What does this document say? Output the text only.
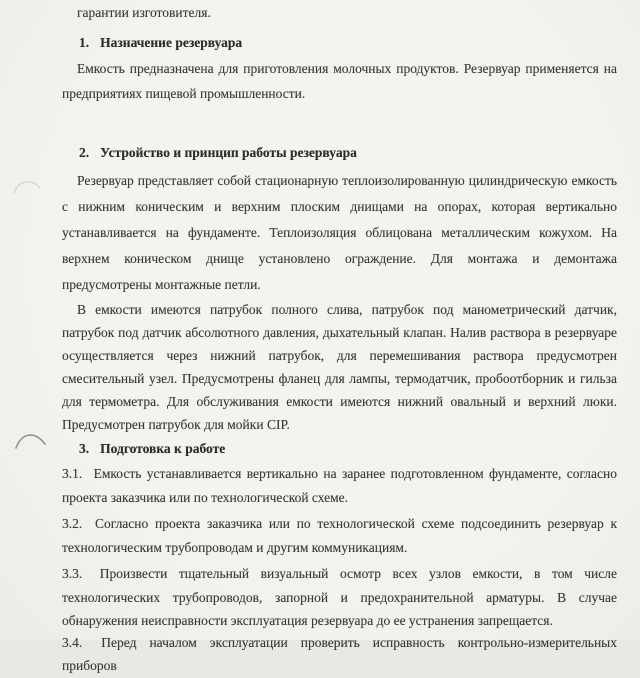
гарантии изготовителя.

1. Назначение резервуара

Емкость предназначена для приготовления молочных продуктов. Резервуар применяется на предприятиях пищевой промышленности.

2. Устройство и принцип работы резервуара

Резервуар представляет собой стационарную теплоизолированную цилиндрическую емкость с нижним коническим и верхним плоским днищами на опорах, которая вертикально устанавливается на фундаменте. Теплоизоляция облицована металлическим кожухом. На верхнем коническом днище установлено ограждение. Для монтажа и демонтажа предусмотрены монтажные петли.

В емкости имеются патрубок полного слива, патрубок под манометрический датчик, патрубок под датчик абсолютного давления, дыхательный клапан. Налив раствора в резервуаре осуществляется через нижний патрубок, для перемешивания раствора предусмотрен смесительный узел. Предусмотрены фланец для лампы, термодатчик, пробоотборник и гильза для термометра. Для обслуживания емкости имеются нижний овальный и верхний люки. Предусмотрен патрубок для мойки CIP.

3. Подготовка к работе

3.1. Емкость устанавливается вертикально на заранее подготовленном фундаменте, согласно проекта заказчика или по технологической схеме.

3.2. Согласно проекта заказчика или по технологической схеме подсоединить резервуар к технологическим трубопроводам и другим коммуникациям.

3.3. Произвести тщательный визуальный осмотр всех узлов емкости, в том числе технологических трубопроводов, запорной и предохранительной арматуры. В случае обнаружения неисправности эксплуатация резервуара до ее устранения запрещается.

3.4. Перед началом эксплуатации проверить исправность контрольно-измерительных приборов
